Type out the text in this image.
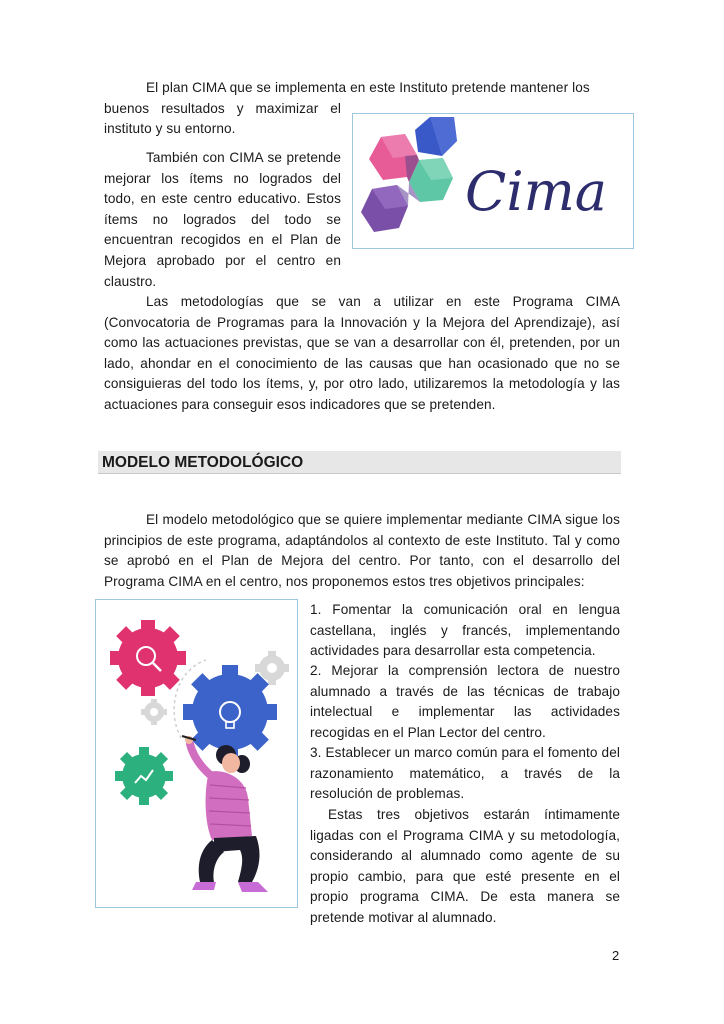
El plan CIMA que se implementa en este Instituto pretende mantener los

buenos resultados y maximizar el

instituto y su entorno.

Cima

También con CIMA se pretende mejorar los ítems no logrados del todo, en este centro educativo. Estos ítems no logrados del todo se encuentran recogidos en el Plan de Mejora aprobado por el centro en claustro.

Las metodologías que se van a utilizar en este Programa CIMA (Convocatoria de Programas para la Innovación y la Mejora del Aprendizaje), así como las actuaciones previstas, que se van a desarrollar con él, pretenden, por un lado, ahondar en el conocimiento de las causas que han ocasionado que no se consiguieras del todo los ítems, y, por otro lado, utilizaremos la metodología y las actuaciones para conseguir esos indicadores que se pretenden.

MODELO METODOLÓGICO

El modelo metodológico que se quiere implementar mediante CIMA sigue los principios de este programa, adaptándolos al contexto de este Instituto. Tal y como se aprobó en el Plan de Mejora del centro. Por tanto, con el desarrollo del Programa CIMA en el centro, nos proponemos estos tres objetivos principales:

1. Fomentar la comunicación oral en lengua castellana, inglés y francés, implementando actividades para desarrollar esta competencia.

2. Mejorar la comprensión lectora de nuestro alumnado a través de las técnicas de trabajo intelectual e implementar las actividades recogidas en el Plan Lector del centro.

3. Establecer un marco común para el fomento del razonamiento matemático, a través de la resolución de problemas.

Estas tres objetivos estarán íntimamente ligadas con el Programa CIMA y su metodología, considerando al alumnado como agente de su propio cambio, para que esté presente en el propio programa CIMA. De esta manera se pretende motivar al alumnado.

2
